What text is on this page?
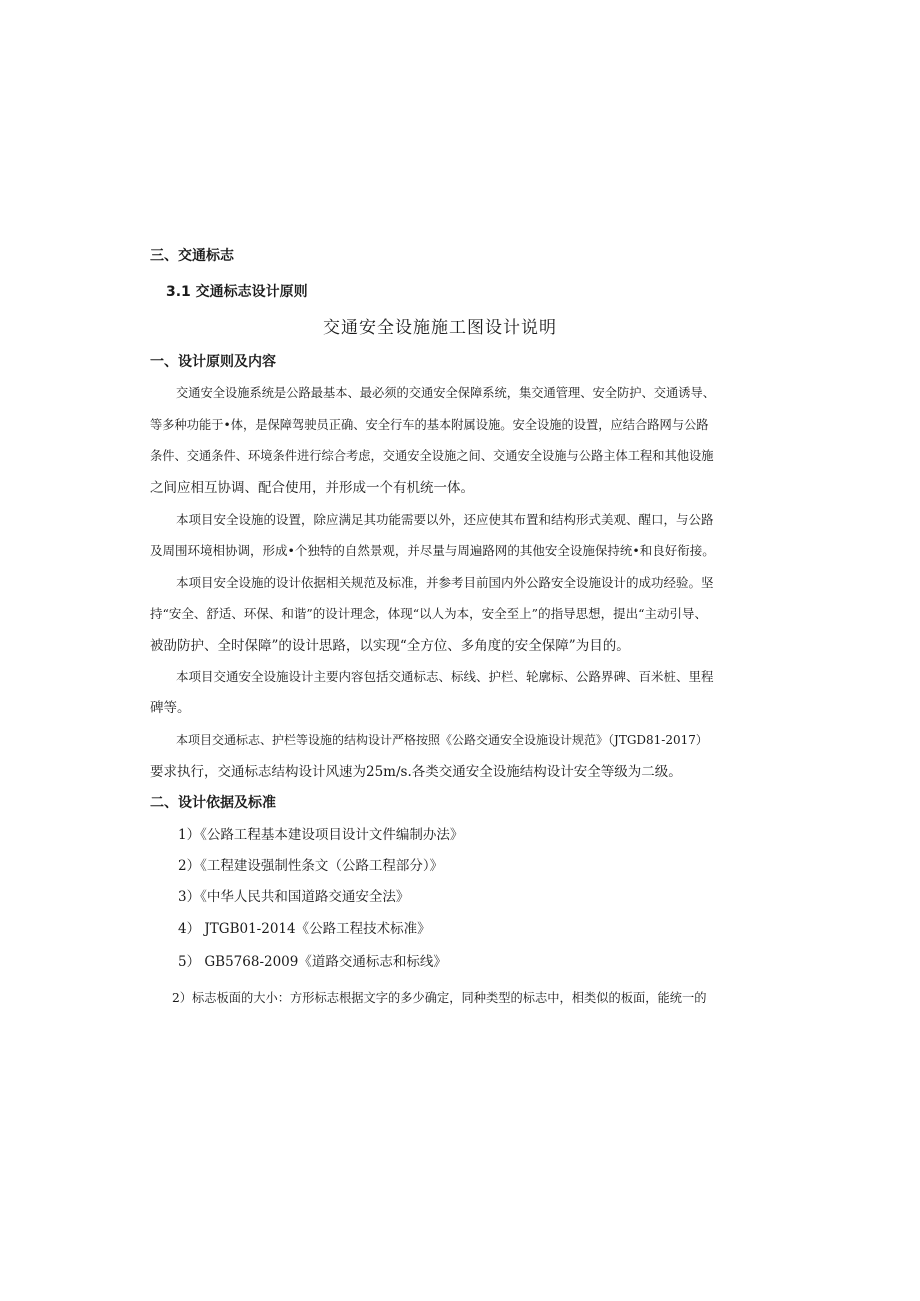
三、交通标志
3.1 交通标志设计原则
交通安全设施施工图设计说明
一、设计原则及内容
交通安全设施系统是公路最基本、最必须的交通安全保障系统，集交通管理、安全防护、交通诱导、
等多种功能于•体，是保障驾驶员正确、安全行车的基本附属设施。安全设施的设置，应结合路网与公路
条件、交通条件、环境条件进行综合考虑，交通安全设施之间、交通安全设施与公路主体工程和其他设施
之间应相互协调、配合使用，并形成一个有机统一体。
本项目安全设施的设置，除应满足其功能需要以外，还应使其布置和结构形式美观、醒口，与公路
及周围环境相协调，形成•个独特的自然景观，并尽量与周遍路网的其他安全设施保持统•和良好衔接。
本项目安全设施的设计依据相关规范及标准，并参考目前国内外公路安全设施设计的成功经验。坚
持“安全、舒适、环保、和谐”的设计理念，体现“以人为本，安全至上”的指导思想，提出“主动引导、
被劭防护、全时保障”的设计思路，以实现“全方位、多角度的安全保障”为目的。
本项目交通安全设施设计主要内容包括交通标志、标线、护栏、轮廓标、公路界碑、百米桩、里程
碑等。
本项目交通标志、护栏等设施的结构设计严格按照《公路交通安全设施设计规范》（JTGD81-2017）
要求执行，交通标志结构设计风速为25m∕s.各类交通安全设施结构设计安全等级为二级。
二、设计依据及标准
1）《公路工程基本建设项目设计文件编制办法》
2）《工程建设强制性条文（公路工程部分）》
3）《中华人民共和国道路交通安全法》
4） JTGB01-2014《公路工程技术标准》
5） GB5768-2009《道路交通标志和标线》
2）标志板面的大小：方形标志根据文字的多少确定，同种类型的标志中，相类似的板面，能统一的
